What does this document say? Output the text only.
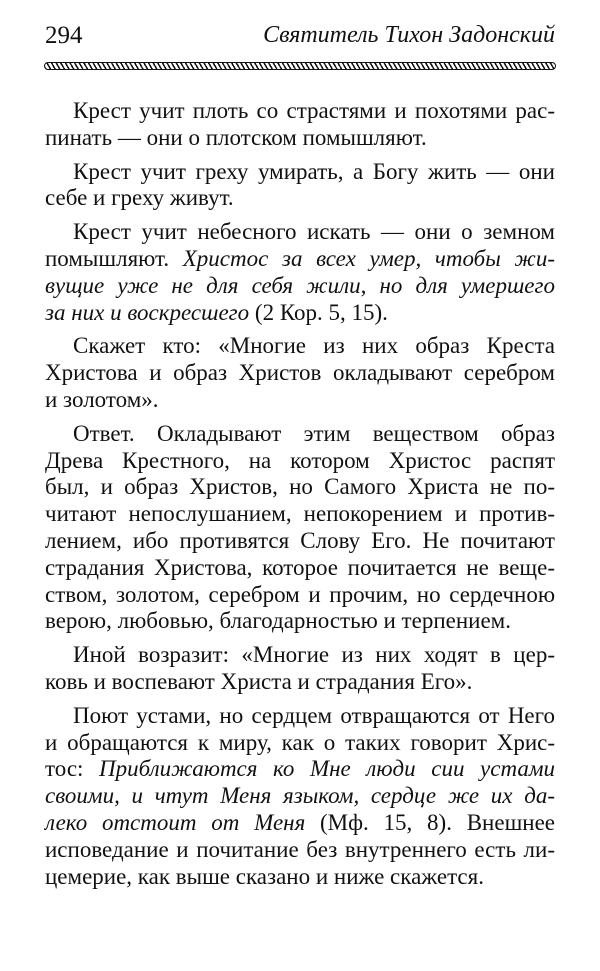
294	Святитель Тихон Задонский
Крест учит плоть со страстями и похотями рас-
пинать — они о плотском помышляют.
Крест учит греху умирать, а Богу жить — они
себе и греху живут.
Крест учит небесного искать — они о земном
помышляют. Христос за всех умер, чтобы жи-
вущие уже не для себя жили, но для умершего
за них и воскресшего (2 Кор. 5, 15).
Скажет кто: «Многие из них образ Креста
Христова и образ Христов окладывают серебром
и золотом».
Ответ. Окладывают этим веществом образ
Древа Крестного, на котором Христос распят
был, и образ Христов, но Самого Христа не по-
читают непослушанием, непокорением и против-
лением, ибо противятся Слову Его. Не почитают
страдания Христова, которое почитается не веще-
ством, золотом, серебром и прочим, но сердечною
верою, любовью, благодарностью и терпением.
Иной возразит: «Многие из них ходят в цер-
ковь и воспевают Христа и страдания Его».
Поют устами, но сердцем отвращаются от Него
и обращаются к миру, как о таких говорит Хрис-
тос: Приближаются ко Мне люди сии устами
своими, и чтут Меня языком, сердце же их да-
леко отстоит от Меня (Мф. 15, 8). Внешнее
исповедание и почитание без внутреннего есть ли-
цемерие, как выше сказано и ниже скажется.
